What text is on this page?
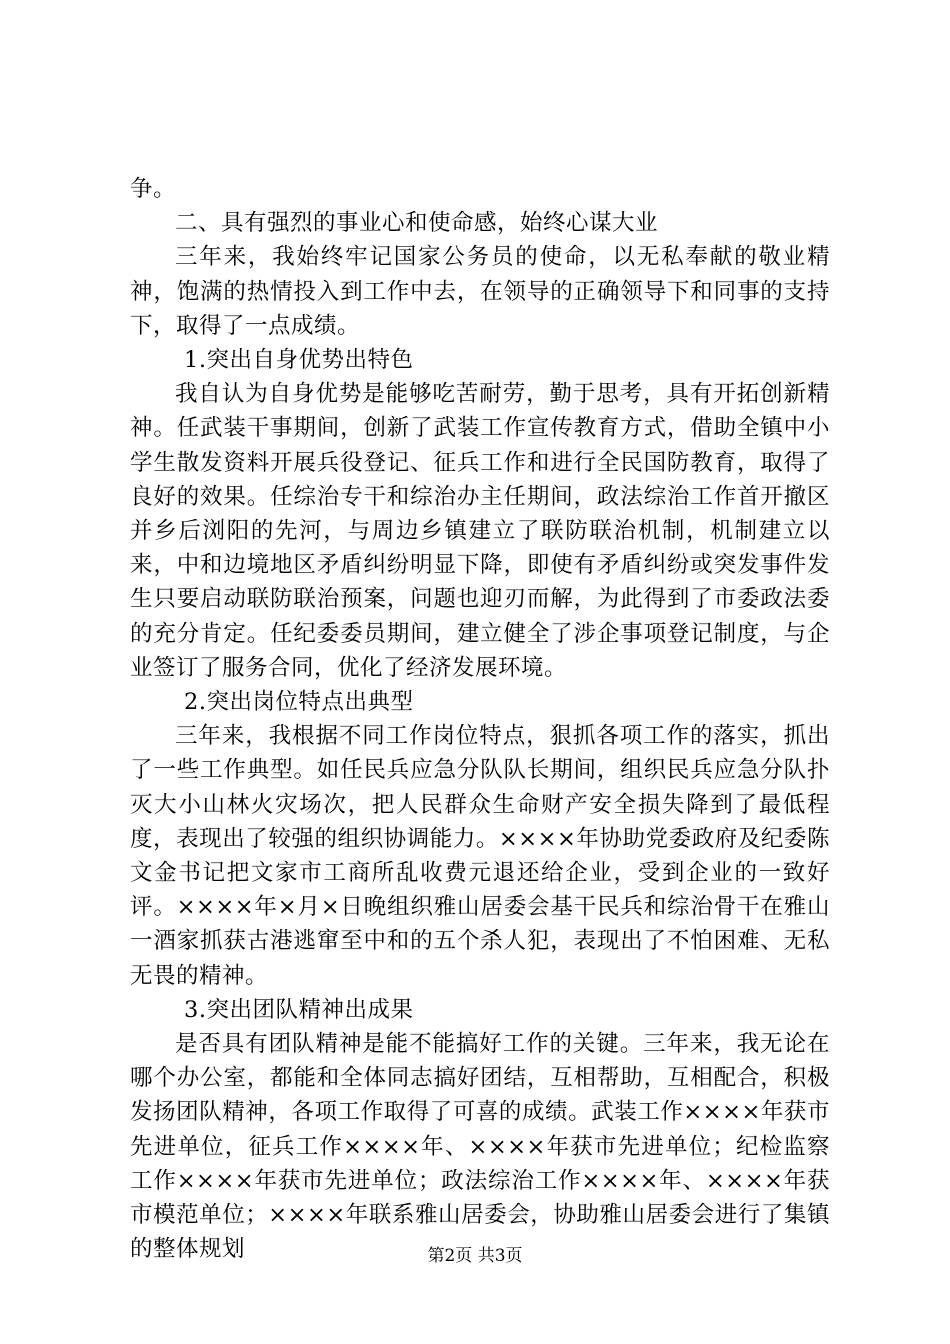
争。

二、具有强烈的事业心和使命感，始终心谋大业

三年来，我始终牢记国家公务员的使命，以无私奉献的敬业精神，饱满的热情投入到工作中去，在领导的正确领导下和同事的支持下，取得了一点成绩。

1.突出自身优势出特色

我自认为自身优势是能够吃苦耐劳，勤于思考，具有开拓创新精神。任武装干事期间，创新了武装工作宣传教育方式，借助全镇中小学生散发资料开展兵役登记、征兵工作和进行全民国防教育，取得了良好的效果。任综治专干和综治办主任期间，政法综治工作首开撤区并乡后浏阳的先河，与周边乡镇建立了联防联治机制，机制建立以来，中和边境地区矛盾纠纷明显下降，即使有矛盾纠纷或突发事件发生只要启动联防联治预案，问题也迎刃而解，为此得到了市委政法委的充分肯定。任纪委委员期间，建立健全了涉企事项登记制度，与企业签订了服务合同，优化了经济发展环境。

2.突出岗位特点出典型

三年来，我根据不同工作岗位特点，狠抓各项工作的落实，抓出了一些工作典型。如任民兵应急分队队长期间，组织民兵应急分队扑灭大小山林火灾场次，把人民群众生命财产安全损失降到了最低程度，表现出了较强的组织协调能力。××××年协助党委政府及纪委陈文金书记把文家市工商所乱收费元退还给企业，受到企业的一致好评。××××年×月×日晚组织雅山居委会基干民兵和综治骨干在雅山一酒家抓获古港逃窜至中和的五个杀人犯，表现出了不怕困难、无私无畏的精神。

3.突出团队精神出成果

是否具有团队精神是能不能搞好工作的关键。三年来，我无论在哪个办公室，都能和全体同志搞好团结，互相帮助，互相配合，积极发扬团队精神，各项工作取得了可喜的成绩。武装工作××××年获市先进单位，征兵工作××××年、××××年获市先进单位；纪检监察工作××××年获市先进单位；政法综治工作××××年、××××年获市模范单位；××××年联系雅山居委会，协助雅山居委会进行了集镇的整体规划	第2页 共3页
